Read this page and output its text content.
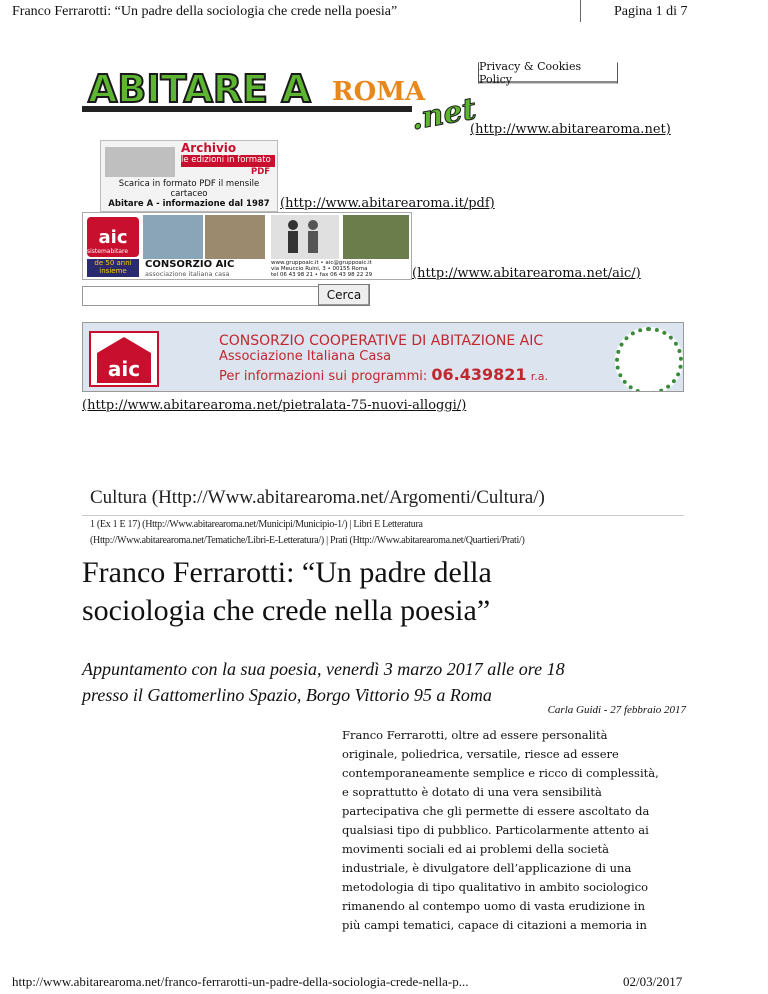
Franco Ferrarotti: “Un padre della sociologia che crede nella poesia”	Pagina 1 di 7
Privacy & Cookies Policy
ABITARE A ROMA
.net
(http://www.abitarearoma.net)
Archivio
le edizioni in formato
PDF
Scarica in formato PDF il mensile
cartaceo
Abitare A - informazione dal 1987 (http://www.abitarearoma.it/pdf)
aic
sistemabitare
de 50 anni
insieme
CONSORZIO AIC
associazione italiana casa
www.gruppoaic.it • aic@gruppoaic.it
via Meuccio Ruini, 3 • 00155 Roma
tel 06 43 98 21 • fax 06 43 98 22 29	(http://www.abitarearoma.net/aic/)
Cerca
aic
CONSORZIO COOPERATIVE DI ABITAZIONE AIC
Associazione Italiana Casa
Per informazioni sui programmi: 06.439821 r.a.
(http://www.abitarearoma.net/pietralata-75-nuovi-alloggi/)
Cultura (Http://Www.abitarearoma.net/Argomenti/Cultura/)
1 (Ex 1 E 17) (Http://Www.abitarearoma.net/Municipi/Municipio-1/) | Libri E Letteratura
(Http://Www.abitarearoma.net/Tematiche/Libri-E-Letteratura/) | Prati (Http://Www.abitarearoma.net/Quartieri/Prati/)
Franco Ferrarotti: “Un padre della
sociologia che crede nella poesia”
Appuntamento con la sua poesia, venerdì 3 marzo 2017 alle ore 18
presso il Gattomerlino Spazio, Borgo Vittorio 95 a Roma
Carla Guidi - 27 febbraio 2017
Franco Ferrarotti, oltre ad essere personalità
originale, poliedrica, versatile, riesce ad essere
contemporaneamente semplice e ricco di complessità,
e soprattutto è dotato di una vera sensibilità
partecipativa che gli permette di essere ascoltato da
qualsiasi tipo di pubblico. Particolarmente attento ai
movimenti sociali ed ai problemi della società
industriale, è divulgatore dell’applicazione di una
metodologia di tipo qualitativo in ambito sociologico
rimanendo al contempo uomo di vasta erudizione in
più campi tematici, capace di citazioni a memoria in
http://www.abitarearoma.net/franco-ferrarotti-un-padre-della-sociologia-crede-nella-p...	02/03/2017
